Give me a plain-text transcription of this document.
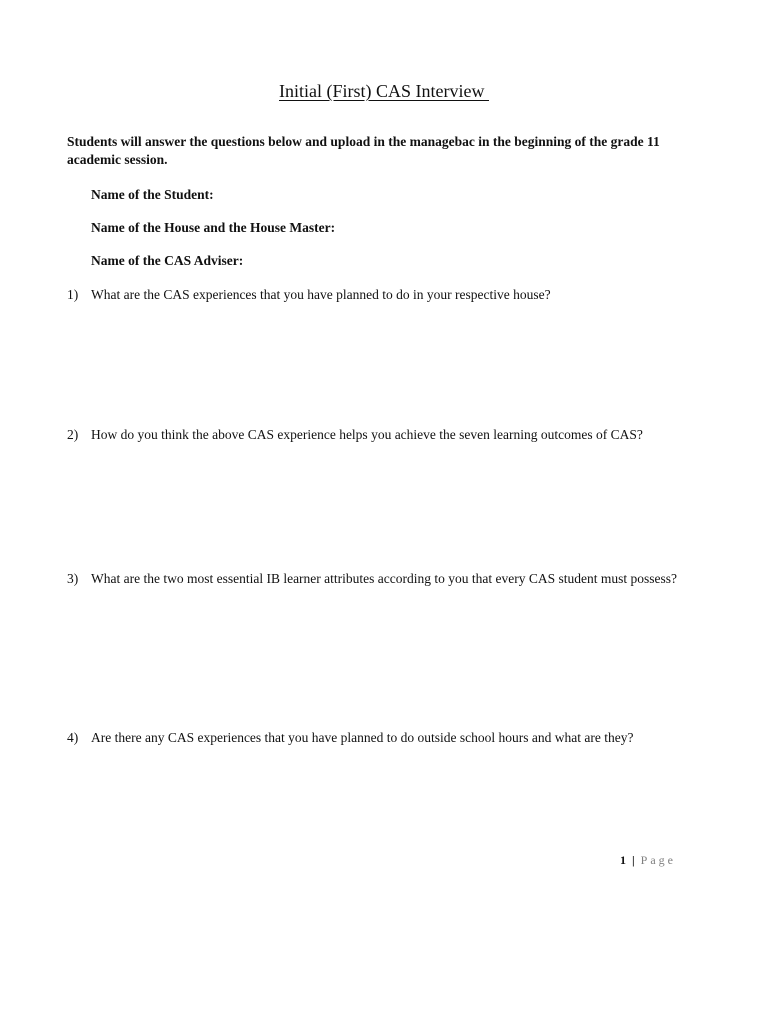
Initial (First) CAS Interview
Students will answer the questions below and upload in the managebac in the beginning of the grade 11 academic session.
Name of the Student:
Name of the House and the House Master:
Name of the CAS Adviser:
1) What are the CAS experiences that you have planned to do in your respective house?
2) How do you think the above CAS experience helps you achieve the seven learning outcomes of CAS?
3) What are the two most essential IB learner attributes according to you that every CAS student must possess?
4) Are there any CAS experiences that you have planned to do outside school hours and what are they?
1 | Page
